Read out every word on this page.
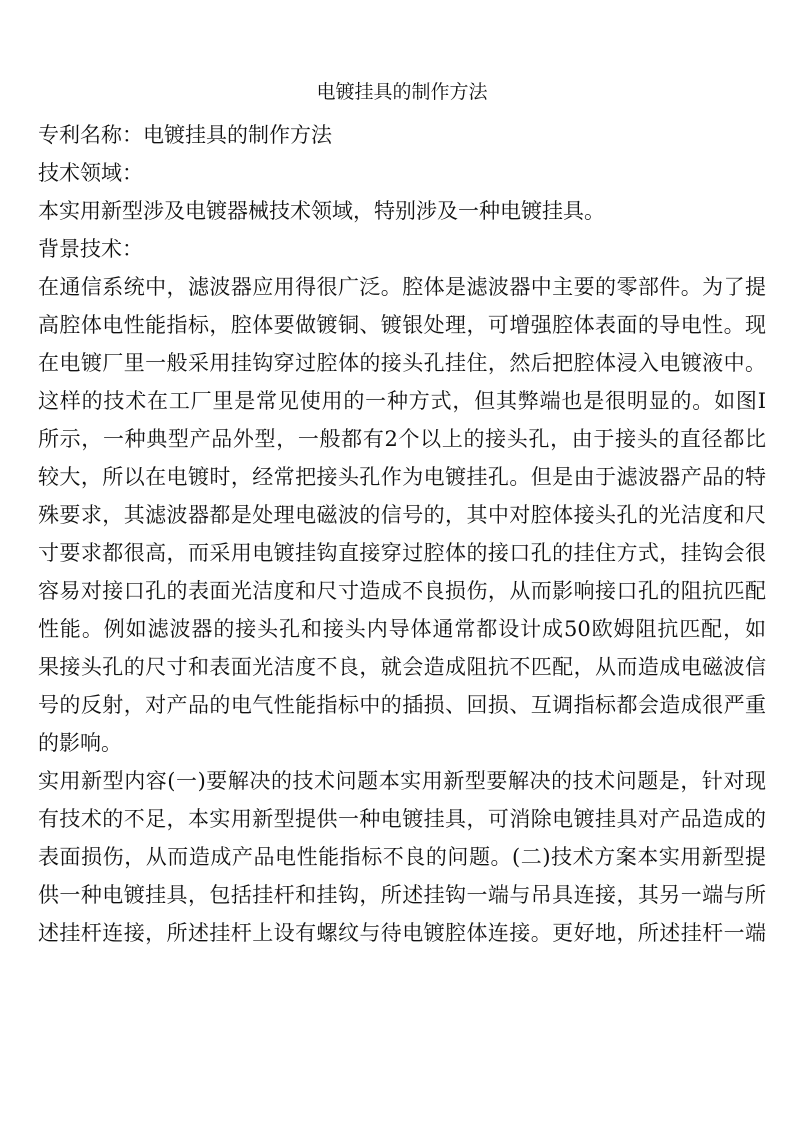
电镀挂具的制作方法
专利名称：电镀挂具的制作方法
技术领域：
本实用新型涉及电镀器械技术领域，特别涉及一种电镀挂具。
背景技术：
在通信系统中，滤波器应用得很广泛。腔体是滤波器中主要的零部件。为了提
高腔体电性能指标，腔体要做镀铜、镀银处理，可增强腔体表面的导电性。现
在电镀厂里一般采用挂钩穿过腔体的接头孔挂住，然后把腔体浸入电镀液中。
这样的技术在工厂里是常见使用的一种方式，但其弊端也是很明显的。如图I
所示，一种典型产品外型，一般都有2个以上的接头孔，由于接头的直径都比
较大，所以在电镀时，经常把接头孔作为电镀挂孔。但是由于滤波器产品的特
殊要求，其滤波器都是处理电磁波的信号的，其中对腔体接头孔的光洁度和尺
寸要求都很高，而采用电镀挂钩直接穿过腔体的接口孔的挂住方式，挂钩会很
容易对接口孔的表面光洁度和尺寸造成不良损伤，从而影响接口孔的阻抗匹配
性能。例如滤波器的接头孔和接头内导体通常都设计成50欧姆阻抗匹配，如
果接头孔的尺寸和表面光洁度不良，就会造成阻抗不匹配，从而造成电磁波信
号的反射，对产品的电气性能指标中的插损、回损、互调指标都会造成很严重
的影响。
实用新型内容(一)要解决的技术问题本实用新型要解决的技术问题是，针对现
有技术的不足，本实用新型提供一种电镀挂具，可消除电镀挂具对产品造成的
表面损伤，从而造成产品电性能指标不良的问题。(二)技术方案本实用新型提
供一种电镀挂具，包括挂杆和挂钩，所述挂钩一端与吊具连接，其另一端与所
述挂杆连接，所述挂杆上设有螺纹与待电镀腔体连接。更好地，所述挂杆一端
